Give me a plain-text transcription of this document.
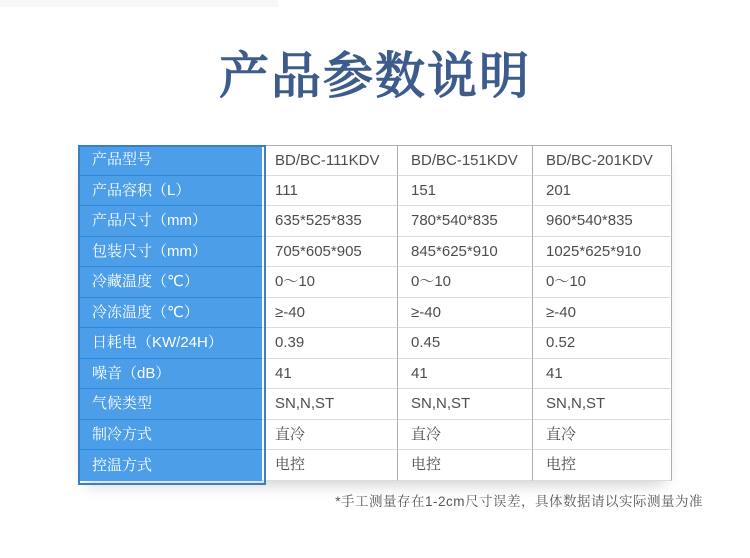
产品参数说明
产品型号	BD/BC-111KDV	BD/BC-151KDV	BD/BC-201KDV
产品容积（L）	111	151	201
产品尺寸（mm）	635*525*835	780*540*835	960*540*835
包装尺寸（mm）	705*605*905	845*625*910	1025*625*910
冷藏温度（℃）	0～10	0～10	0～10
冷冻温度（℃）	≥-40	≥-40	≥-40
日耗电（KW/24H）	0.39	0.45	0.52
噪音（dB）	41	41	41
气候类型	SN,N,ST	SN,N,ST	SN,N,ST
制冷方式	直冷	直冷	直冷
控温方式	电控	电控	电控

*手工测量存在1-2cm尺寸误差，具体数据请以实际测量为准
